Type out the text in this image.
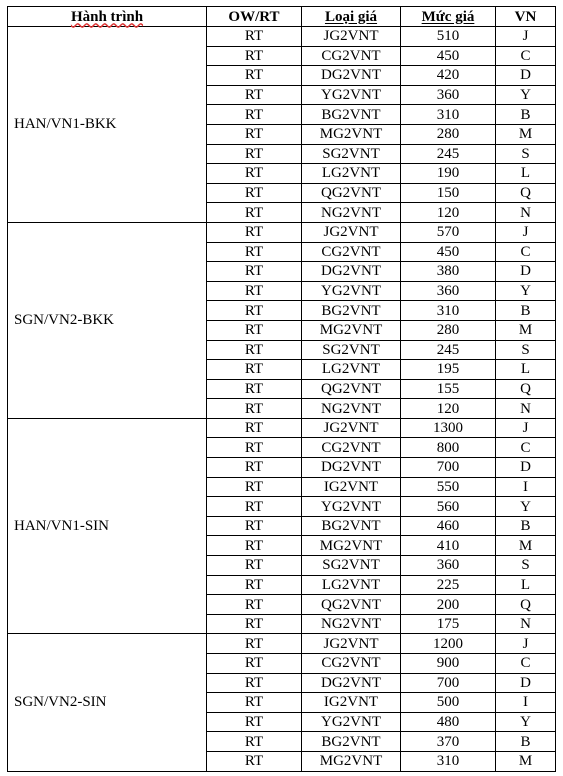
Hành trình	OW/RT	Loại giá	Mức giá	VN
HAN/VN1-BKK	RT	JG2VNT	510	J
	RT	CG2VNT	450	C
	RT	DG2VNT	420	D
	RT	YG2VNT	360	Y
	RT	BG2VNT	310	B
	RT	MG2VNT	280	M
	RT	SG2VNT	245	S
	RT	LG2VNT	190	L
	RT	QG2VNT	150	Q
	RT	NG2VNT	120	N
SGN/VN2-BKK	RT	JG2VNT	570	J
	RT	CG2VNT	450	C
	RT	DG2VNT	380	D
	RT	YG2VNT	360	Y
	RT	BG2VNT	310	B
	RT	MG2VNT	280	M
	RT	SG2VNT	245	S
	RT	LG2VNT	195	L
	RT	QG2VNT	155	Q
	RT	NG2VNT	120	N
HAN/VN1-SIN	RT	JG2VNT	1300	J
	RT	CG2VNT	800	C
	RT	DG2VNT	700	D
	RT	IG2VNT	550	I
	RT	YG2VNT	560	Y
	RT	BG2VNT	460	B
	RT	MG2VNT	410	M
	RT	SG2VNT	360	S
	RT	LG2VNT	225	L
	RT	QG2VNT	200	Q
	RT	NG2VNT	175	N
SGN/VN2-SIN	RT	JG2VNT	1200	J
	RT	CG2VNT	900	C
	RT	DG2VNT	700	D
	RT	IG2VNT	500	I
	RT	YG2VNT	480	Y
	RT	BG2VNT	370	B
	RT	MG2VNT	310	M
